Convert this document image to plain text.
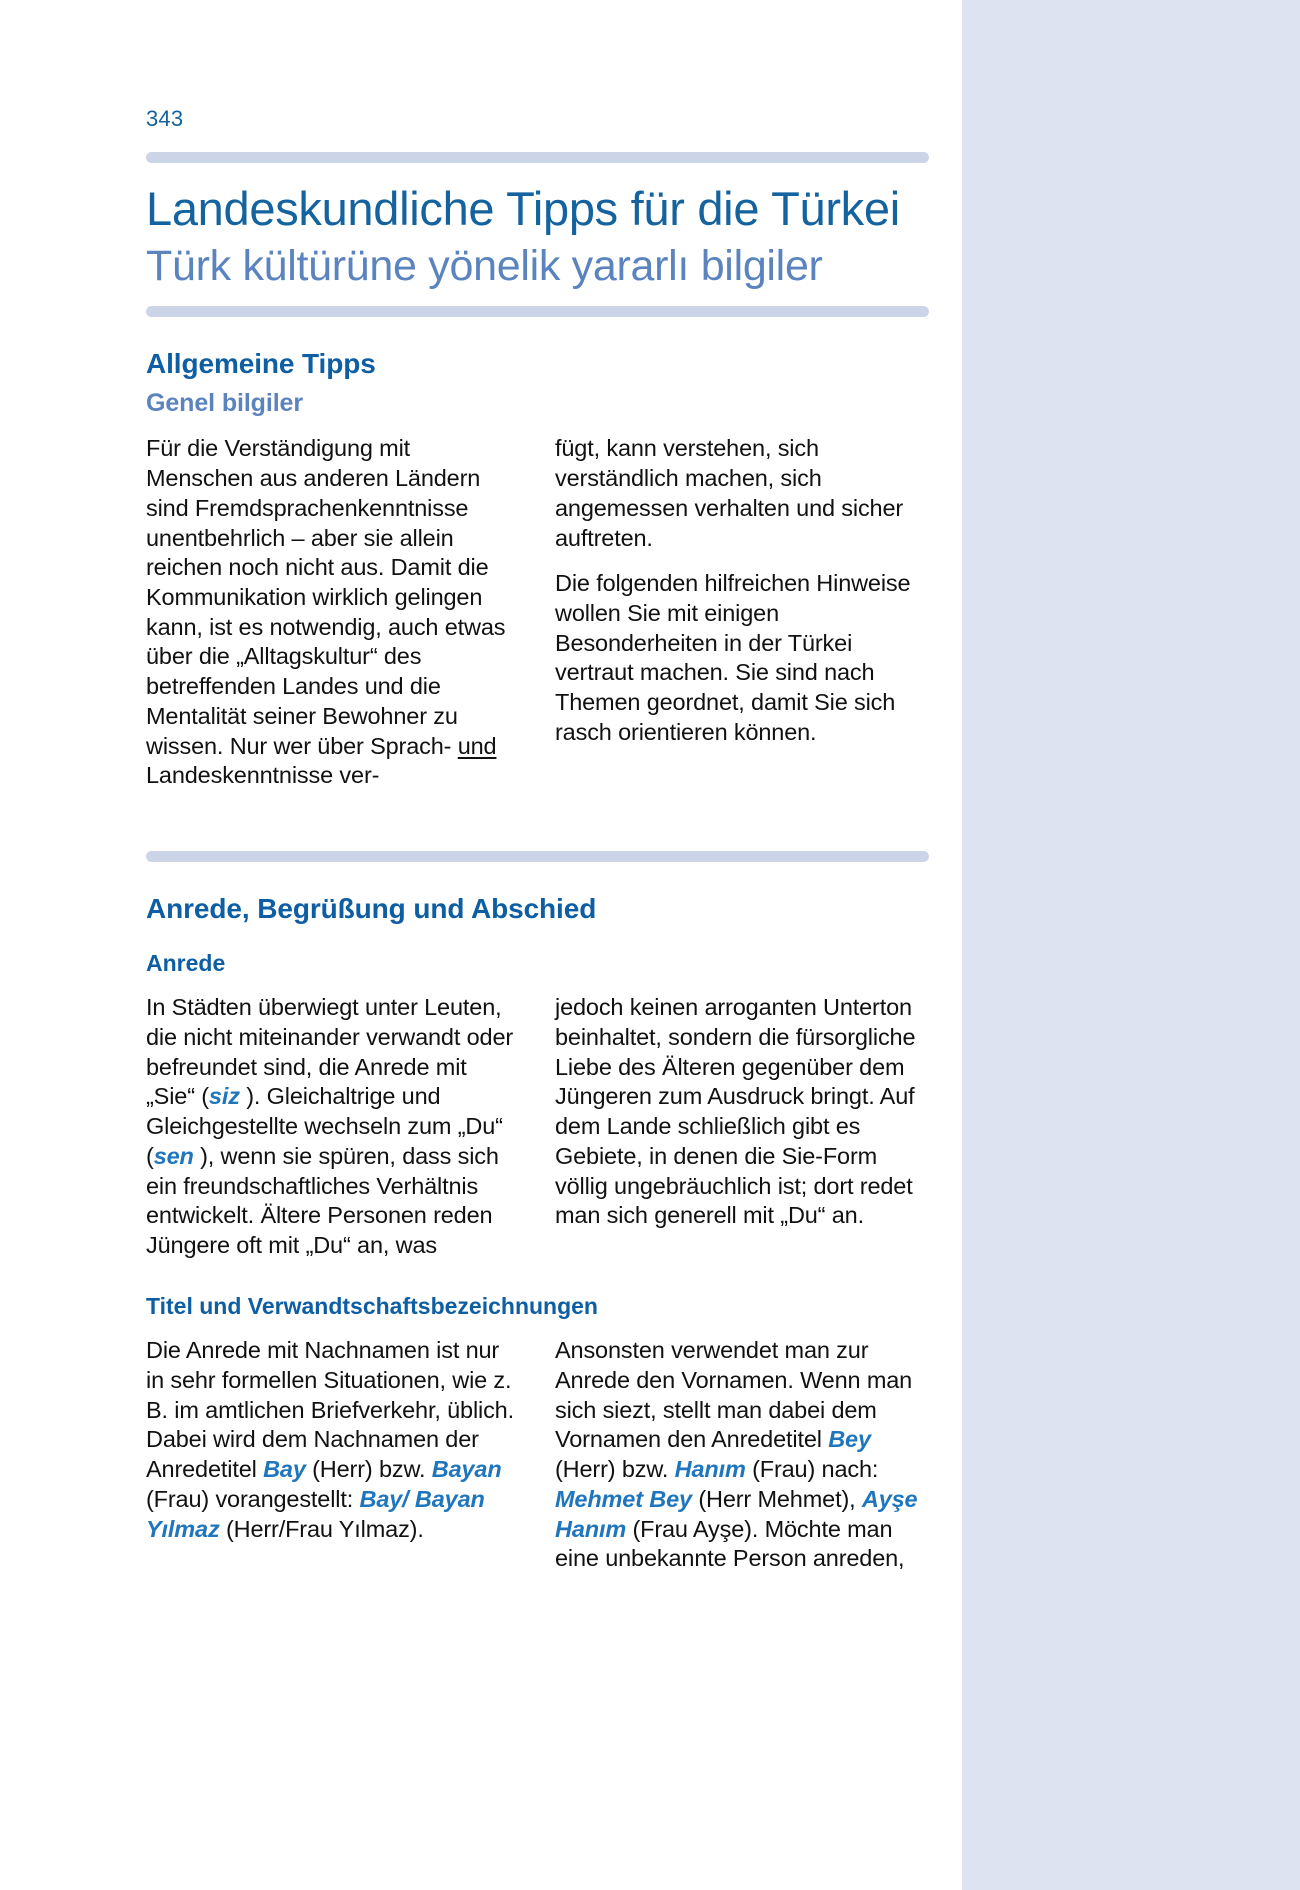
343
Landeskundliche Tipps für die Türkei
Türk kültürüne yönelik yararlı bilgiler
Allgemeine Tipps
Genel bilgiler

Für die Verständigung mit Menschen aus anderen Ländern sind Fremdsprachenkenntnisse unentbehrlich – aber sie allein reichen noch nicht aus. Damit die Kommunikation wirklich gelingen kann, ist es notwendig, auch etwas über die „Alltagskultur“ des betreffenden Landes und die Mentalität seiner Bewohner zu wissen. Nur wer über Sprach- und Landeskenntnisse ver-

fügt, kann verstehen, sich verständlich machen, sich angemessen verhalten und sicher auftreten.

Die folgenden hilfreichen Hinweise wollen Sie mit einigen Besonderheiten in der Türkei vertraut machen. Sie sind nach Themen geordnet, damit Sie sich rasch orientieren können.

Anrede, Begrüßung und Abschied
Anrede

In Städten überwiegt unter Leuten, die nicht miteinander verwandt oder befreundet sind, die Anrede mit „Sie“ (siz ). Gleichaltrige und Gleichgestellte wechseln zum „Du“ (sen ), wenn sie spüren, dass sich ein freundschaftliches Verhältnis entwickelt. Ältere Personen reden Jüngere oft mit „Du“ an, was

jedoch keinen arroganten Unterton beinhaltet, sondern die fürsorgliche Liebe des Älteren gegenüber dem Jüngeren zum Ausdruck bringt. Auf dem Lande schließlich gibt es Gebiete, in denen die Sie-Form völlig ungebräuchlich ist; dort redet man sich generell mit „Du“ an.

Titel und Verwandtschaftsbezeichnungen

Die Anrede mit Nachnamen ist nur in sehr formellen Situationen, wie z. B. im amtlichen Briefverkehr, üblich. Dabei wird dem Nachnamen der Anredetitel Bay (Herr) bzw. Bayan (Frau) vorangestellt: Bay/ Bayan Yılmaz (Herr/Frau Yılmaz).

Ansonsten verwendet man zur Anrede den Vornamen. Wenn man sich siezt, stellt man dabei dem Vornamen den Anredetitel Bey (Herr) bzw. Hanım (Frau) nach: Mehmet Bey (Herr Mehmet), Ayşe Hanım (Frau Ayşe). Möchte man eine unbekannte Person anreden,
